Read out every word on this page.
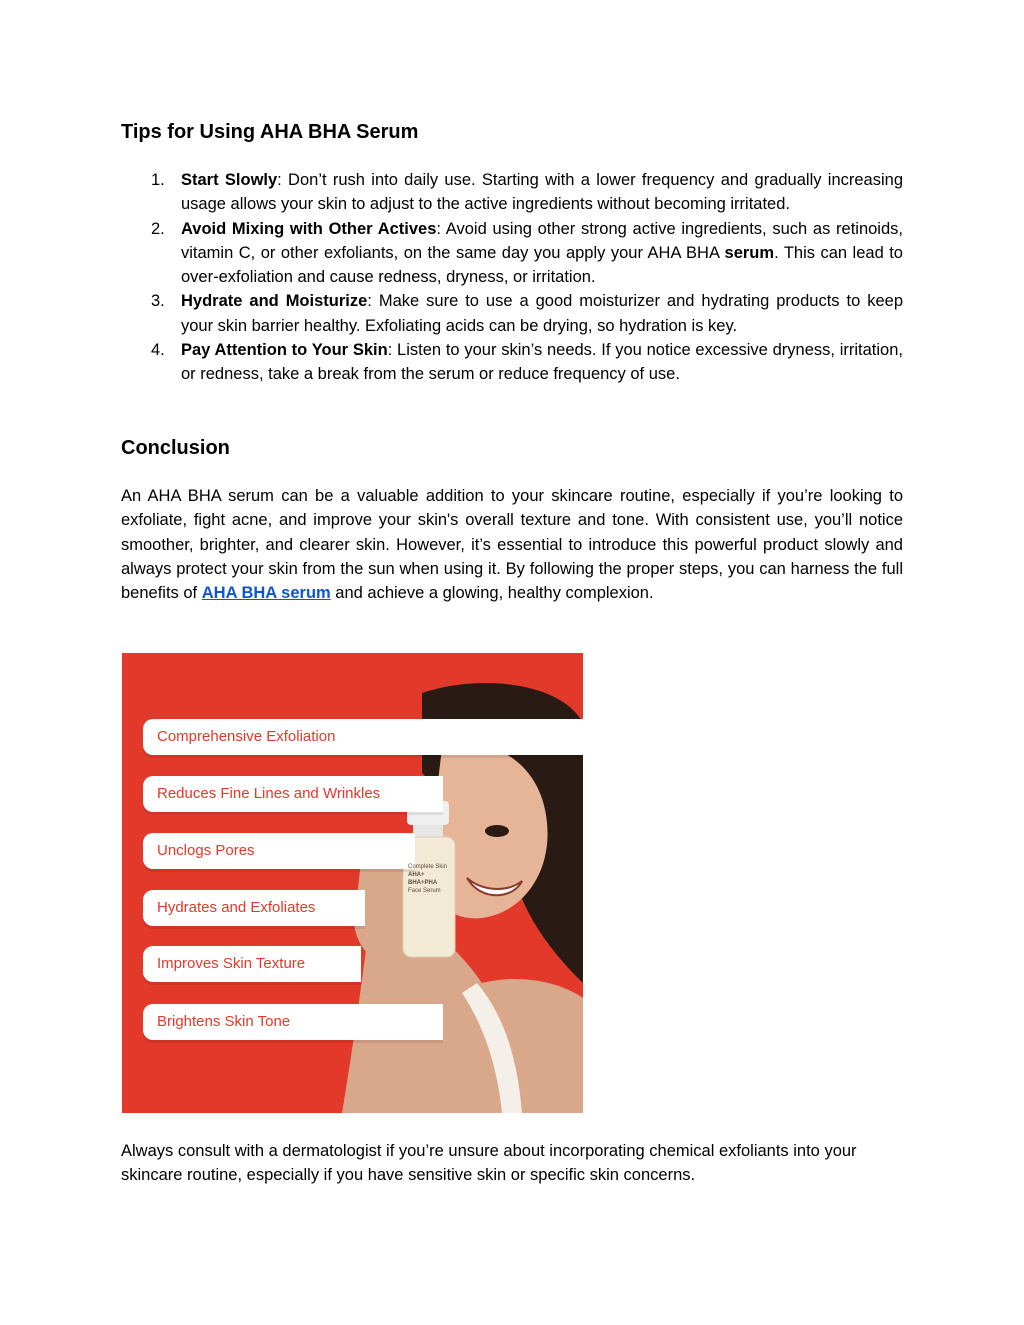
Tips for Using AHA BHA Serum
1. Start Slowly: Don’t rush into daily use. Starting with a lower frequency and gradually increasing usage allows your skin to adjust to the active ingredients without becoming irritated.
2. Avoid Mixing with Other Actives: Avoid using other strong active ingredients, such as retinoids, vitamin C, or other exfoliants, on the same day you apply your AHA BHA serum. This can lead to over-exfoliation and cause redness, dryness, or irritation.
3. Hydrate and Moisturize: Make sure to use a good moisturizer and hydrating products to keep your skin barrier healthy. Exfoliating acids can be drying, so hydration is key.
4. Pay Attention to Your Skin: Listen to your skin’s needs. If you notice excessive dryness, irritation, or redness, take a break from the serum or reduce frequency of use.
Conclusion

An AHA BHA serum can be a valuable addition to your skincare routine, especially if you’re looking to exfoliate, fight acne, and improve your skin's overall texture and tone. With consistent use, you’ll notice smoother, brighter, and clearer skin. However, it’s essential to introduce this powerful product slowly and always protect your skin from the sun when using it. By following the proper steps, you can harness the full benefits of AHA BHA serum and achieve a glowing, healthy complexion.

Always consult with a dermatologist if you’re unsure about incorporating chemical exfoliants into your skincare routine, especially if you have sensitive skin or specific skin concerns.

Comprehensive Exfoliation
Reduces Fine Lines and Wrinkles
Unclogs Pores
Hydrates and Exfoliates
Improves Skin Texture
Brightens Skin Tone
Complete Skin
AHA+
BHA+PHA
Face Serum
